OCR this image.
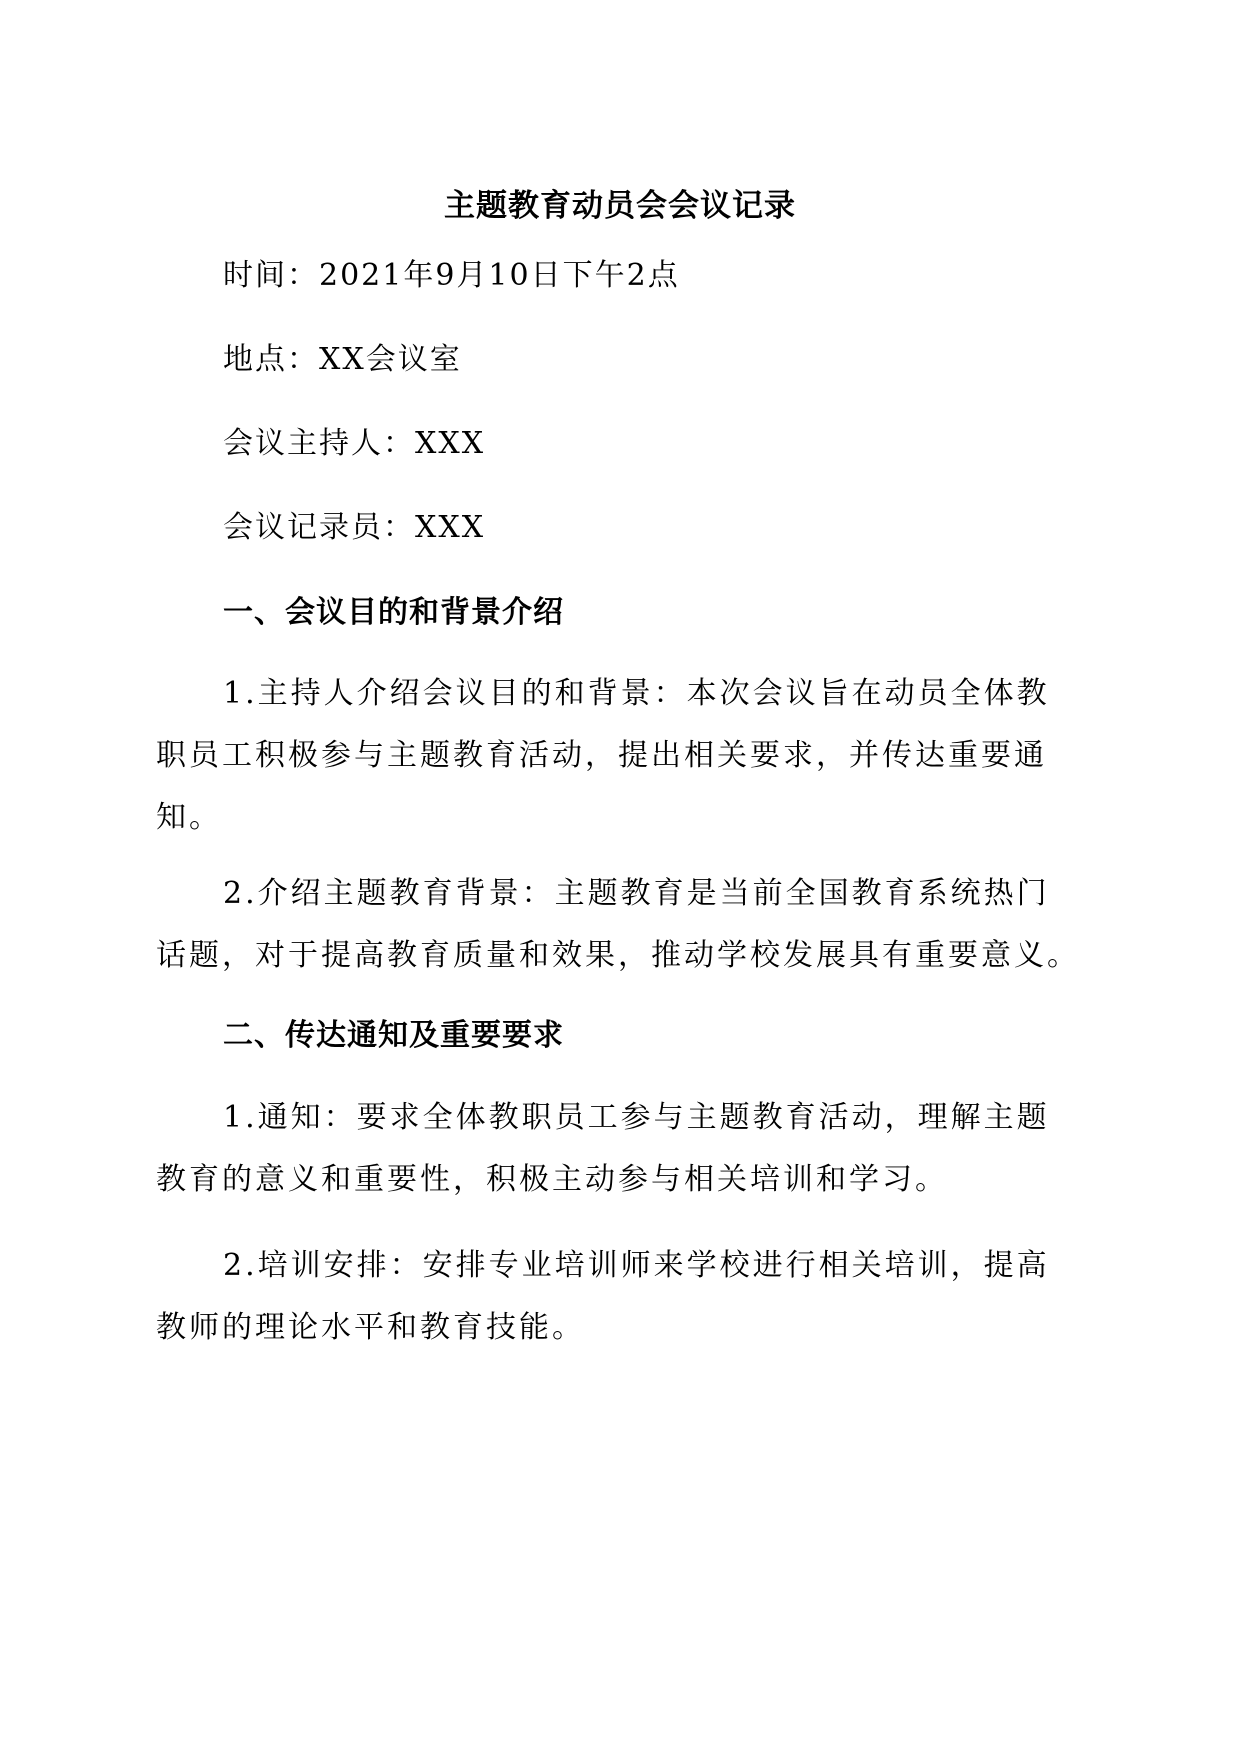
主题教育动员会会议记录

时间：2021年9月10日下午2点

地点：XX会议室

会议主持人：XXX

会议记录员：XXX

一、会议目的和背景介绍

1.主持人介绍会议目的和背景：本次会议旨在动员全体教
职员工积极参与主题教育活动，提出相关要求，并传达重要通
知。

2.介绍主题教育背景：主题教育是当前全国教育系统热门
话题，对于提高教育质量和效果，推动学校发展具有重要意义。

二、传达通知及重要要求

1.通知：要求全体教职员工参与主题教育活动，理解主题
教育的意义和重要性，积极主动参与相关培训和学习。

2.培训安排：安排专业培训师来学校进行相关培训，提高
教师的理论水平和教育技能。
